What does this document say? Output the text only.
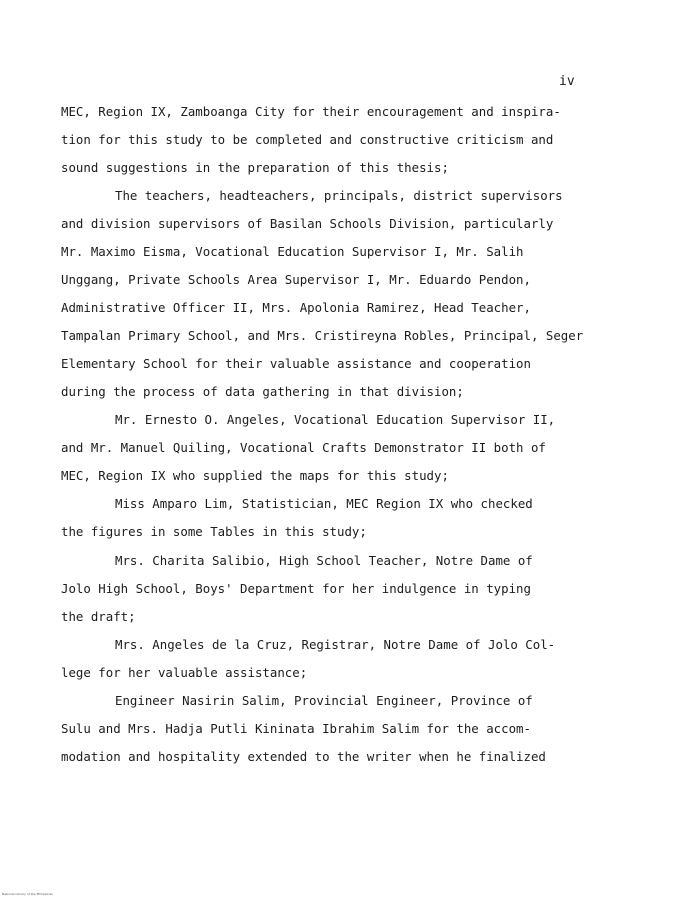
iv
MEC, Region IX, Zamboanga City for their encouragement and inspira-
tion for this study to be completed and constructive criticism and
sound suggestions in the preparation of this thesis;
The teachers, headteachers, principals, district supervisors
and division supervisors of Basilan Schools Division, particularly
Mr. Maximo Eisma, Vocational Education Supervisor I, Mr. Salih
Unggang, Private Schools Area Supervisor I, Mr. Eduardo Pendon,
Administrative Officer II, Mrs. Apolonia Ramirez, Head Teacher,
Tampalan Primary School, and Mrs. Cristireyna Robles, Principal, Seger
Elementary School for their valuable assistance and cooperation
during the process of data gathering in that division;
Mr. Ernesto O. Angeles, Vocational Education Supervisor II,
and Mr. Manuel Quiling, Vocational Crafts Demonstrator II both of
MEC, Region IX who supplied the maps for this study;
Miss Amparo Lim, Statistician, MEC Region IX who checked
the figures in some Tables in this study;
Mrs. Charita Salibio, High School Teacher, Notre Dame of
Jolo High School, Boys' Department for her indulgence in typing
the draft;
Mrs. Angeles de la Cruz, Registrar, Notre Dame of Jolo Col-
lege for her valuable assistance;
Engineer Nasirin Salim, Provincial Engineer, Province of
Sulu and Mrs. Hadja Putli Kininata Ibrahim Salim for the accom-
modation and hospitality extended to the writer when he finalized
National Library of the Philippines
